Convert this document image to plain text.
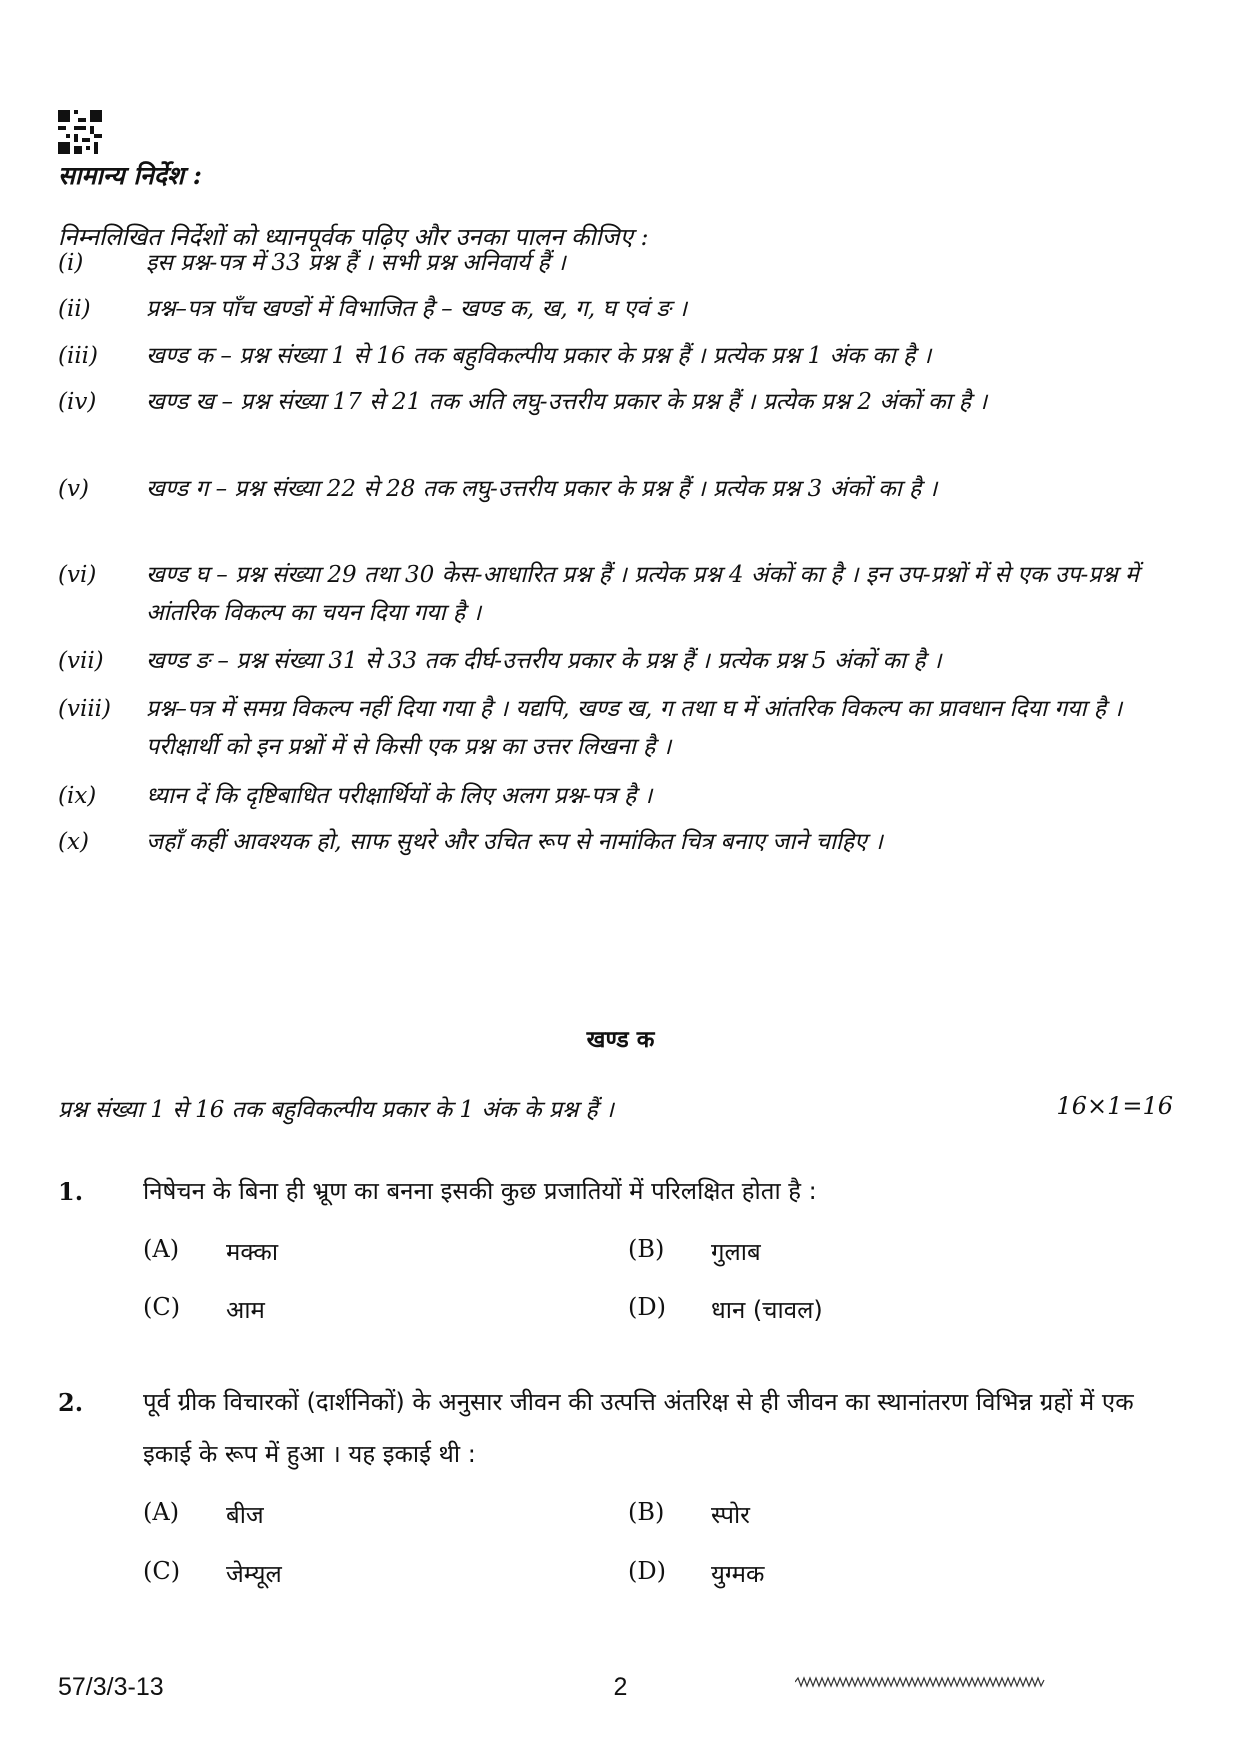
सामान्य निर्देश :
निम्नलिखित निर्देशों को ध्यानपूर्वक पढ़िए और उनका पालन कीजिए :
(i)	इस प्रश्न-पत्र में 33 प्रश्न हैं । सभी प्रश्न अनिवार्य हैं ।
(ii)	प्रश्न–पत्र पाँच खण्डों में विभाजित है – खण्ड क, ख, ग, घ एवं ङ ।
(iii)	खण्ड क – प्रश्न संख्या 1 से 16 तक बहुविकल्पीय प्रकार के प्रश्न हैं । प्रत्येक प्रश्न 1 अंक का है ।
(iv)	खण्ड ख – प्रश्न संख्या 17 से 21 तक अति लघु-उत्तरीय प्रकार के प्रश्न हैं । प्रत्येक प्रश्न 2 अंकों का है ।
(v)	खण्ड ग – प्रश्न संख्या 22 से 28 तक लघु-उत्तरीय प्रकार के प्रश्न हैं । प्रत्येक प्रश्न 3 अंकों का है ।
(vi)	खण्ड घ – प्रश्न संख्या 29 तथा 30 केस-आधारित प्रश्न हैं । प्रत्येक प्रश्न 4 अंकों का है । इन उप-प्रश्नों में से एक उप-प्रश्न में आंतरिक विकल्प का चयन दिया गया है ।
(vii)	खण्ड ङ – प्रश्न संख्या 31 से 33 तक दीर्घ-उत्तरीय प्रकार के प्रश्न हैं । प्रत्येक प्रश्न 5 अंकों का है ।
(viii)	प्रश्न–पत्र में समग्र विकल्प नहीं दिया गया है । यद्यपि, खण्ड ख, ग तथा घ में आंतरिक विकल्प का प्रावधान दिया गया है । परीक्षार्थी को इन प्रश्नों में से किसी एक प्रश्न का उत्तर लिखना है ।
(ix)	ध्यान दें कि दृष्टिबाधित परीक्षार्थियों के लिए अलग प्रश्न-पत्र है ।
(x)	जहाँ कहीं आवश्यक हो, साफ सुथरे और उचित रूप से नामांकित चित्र बनाए जाने चाहिए ।
खण्ड क
प्रश्न संख्या 1 से 16 तक बहुविकल्पीय प्रकार के 1 अंक के प्रश्न हैं ।	16×1=16
1. निषेचन के बिना ही भ्रूण का बनना इसकी कुछ प्रजातियों में परिलक्षित होता है :
(A) मक्का	(B) गुलाब
(C) आम	(D) धान (चावल)
2. पूर्व ग्रीक विचारकों (दार्शनिकों) के अनुसार जीवन की उत्पत्ति अंतरिक्ष से ही जीवन का स्थानांतरण विभिन्न ग्रहों में एक इकाई के रूप में हुआ । यह इकाई थी :
(A) बीज	(B) स्पोर
(C) जेम्यूल	(D) युग्मक
57/3/3-13	2
